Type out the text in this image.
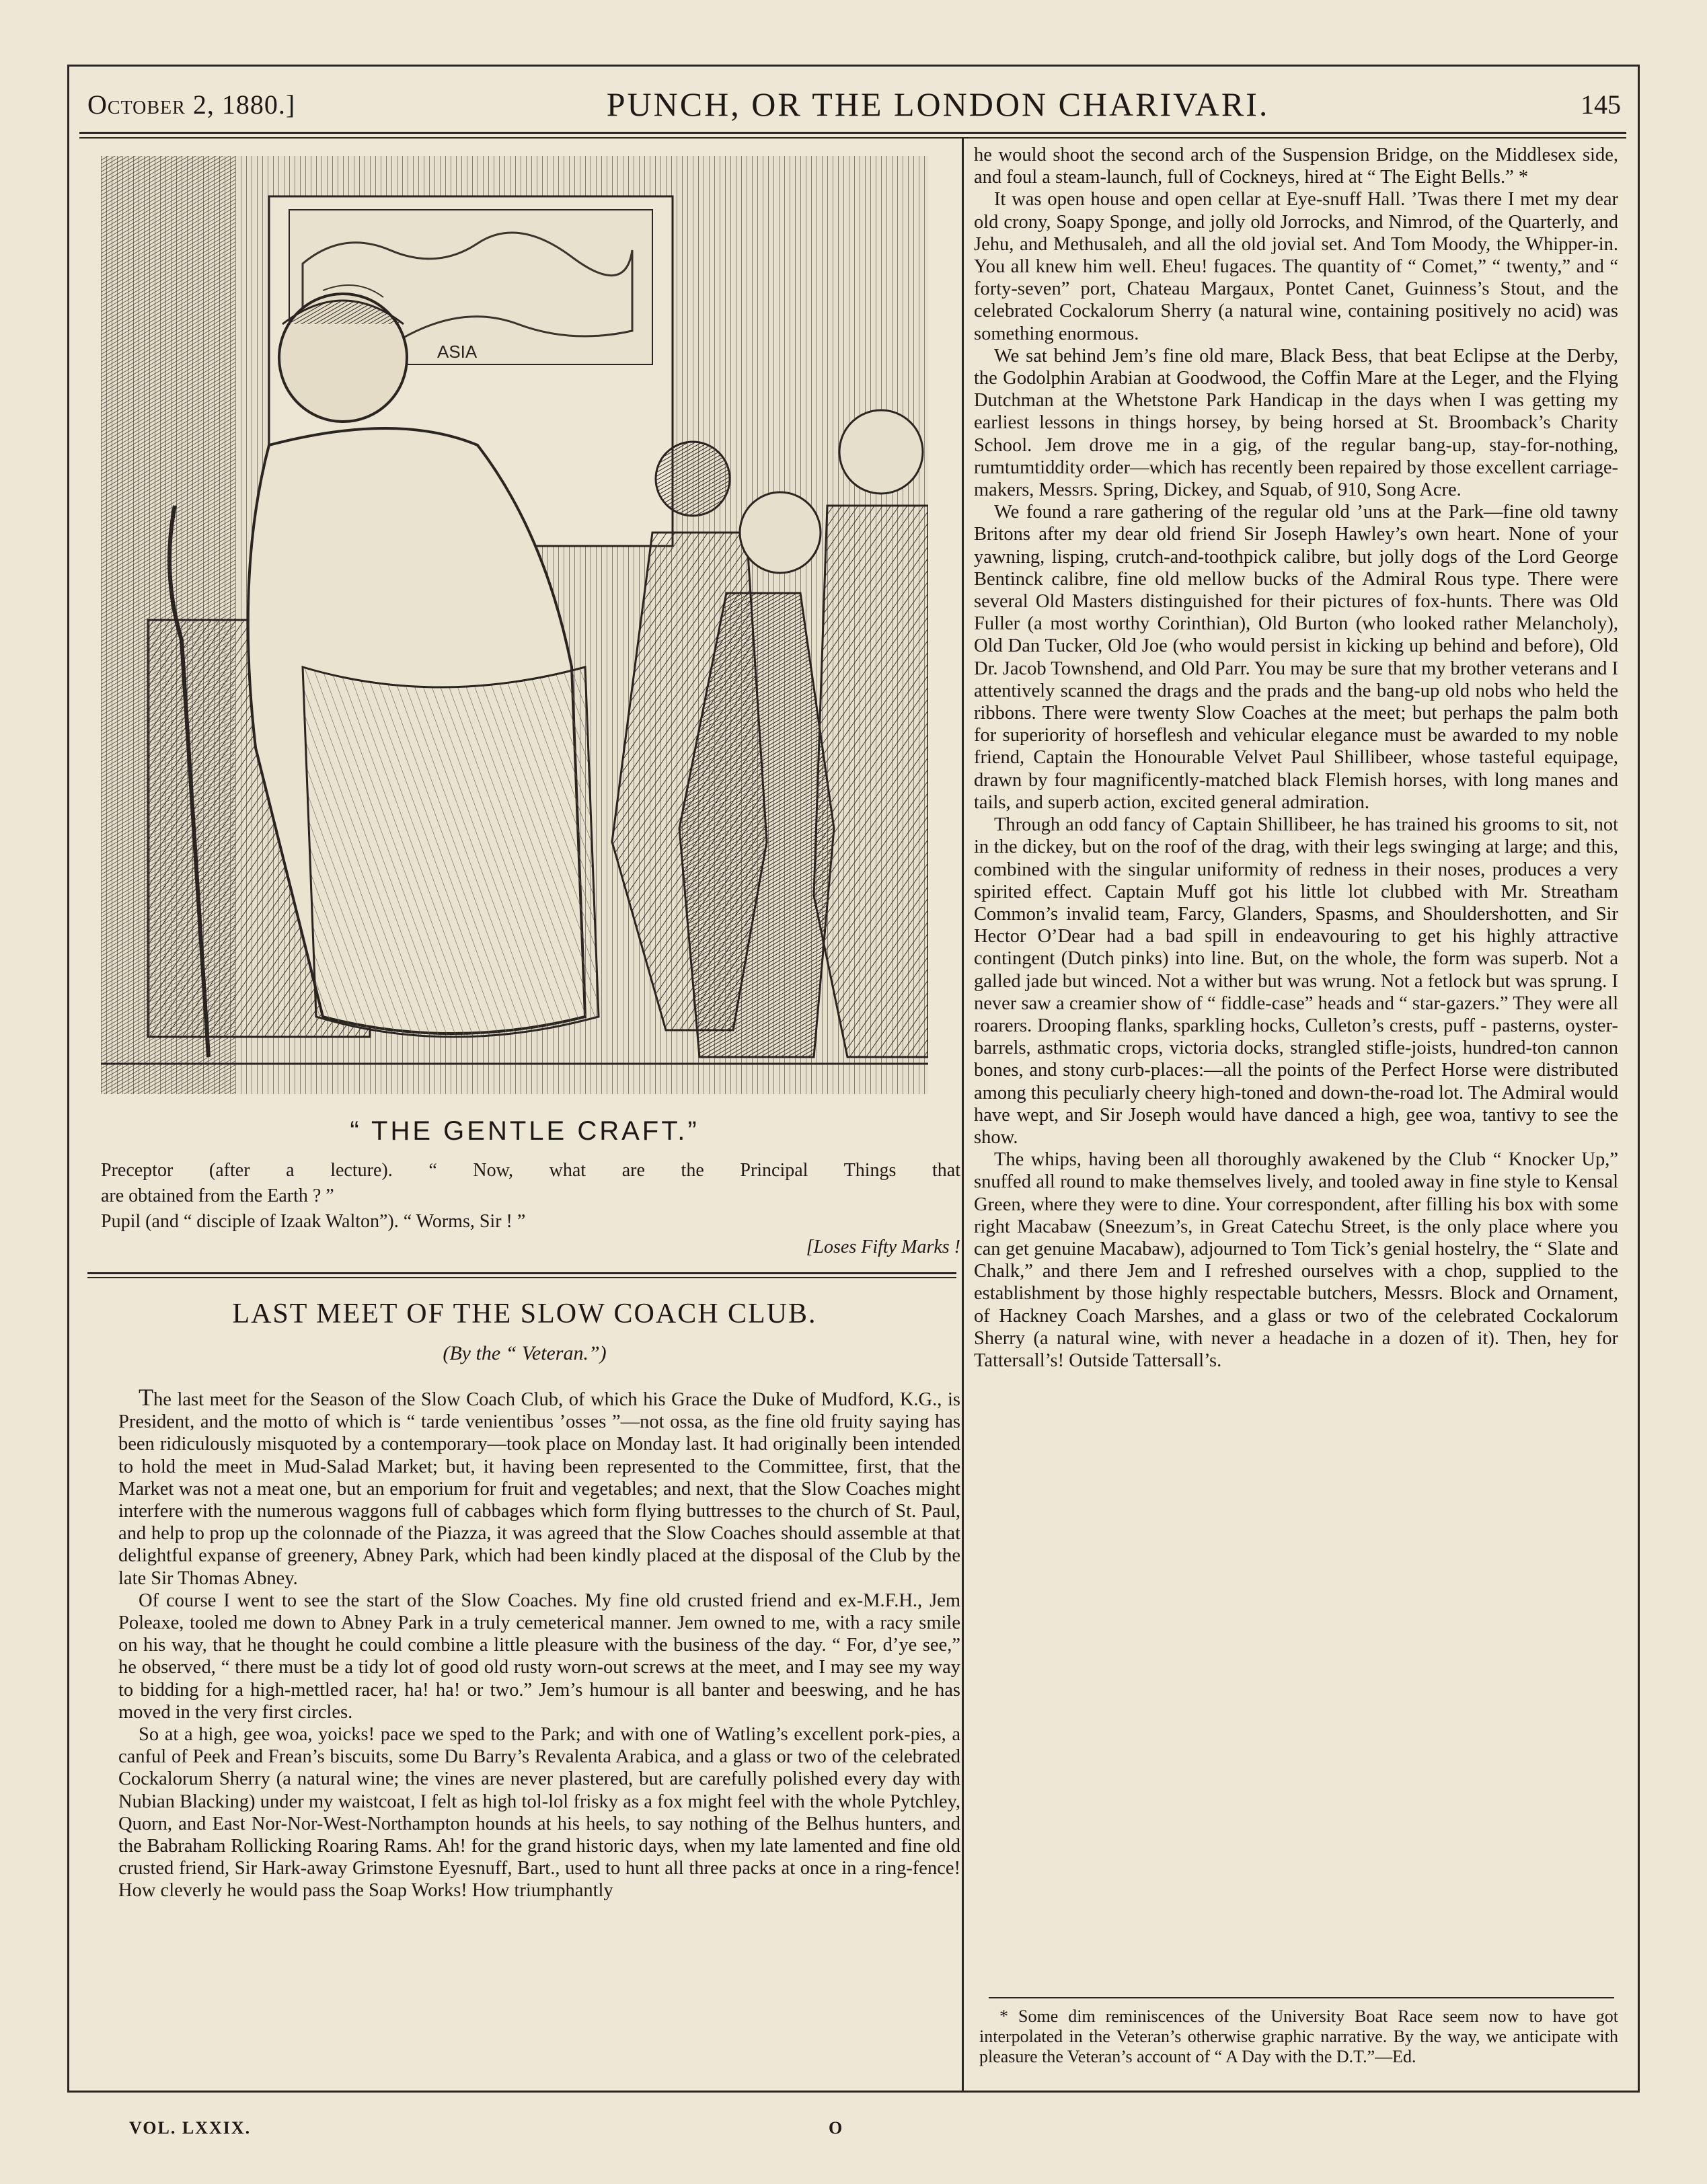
October 2, 1880.]	PUNCH, OR THE LONDON CHARIVARI.	145
ASIA
“ THE GENTLE CRAFT.”
Preceptor (after a lecture). “ Now, what are the Principal Things that
are obtained from the Earth ? ”
Pupil (and “ disciple of Izaak Walton”). “ Worms, Sir ! ”
[Loses Fifty Marks !
LAST MEET OF THE SLOW COACH CLUB.
(By the “ Veteran.”)

The last meet for the Season of the Slow Coach Club, of which his Grace the Duke of Mudford, K.G., is President, and the motto of which is “ tarde venientibus ’osses ”—not ossa, as the fine old fruity saying has been ridiculously misquoted by a contemporary—took place on Monday last. It had originally been intended to hold the meet in Mud-Salad Market; but, it having been represented to the Committee, first, that the Market was not a meat one, but an emporium for fruit and vegetables; and next, that the Slow Coaches might interfere with the numerous waggons full of cabbages which form flying buttresses to the church of St. Paul, and help to prop up the colonnade of the Piazza, it was agreed that the Slow Coaches should assemble at that delightful expanse of greenery, Abney Park, which had been kindly placed at the disposal of the Club by the late Sir Thomas Abney.

Of course I went to see the start of the Slow Coaches. My fine old crusted friend and ex-M.F.H., Jem Poleaxe, tooled me down to Abney Park in a truly cemeterical manner. Jem owned to me, with a racy smile on his way, that he thought he could combine a little pleasure with the business of the day. “ For, d’ye see,” he observed, “ there must be a tidy lot of good old rusty worn-out screws at the meet, and I may see my way to bidding for a high-mettled racer, ha! ha! or two.” Jem’s humour is all banter and beeswing, and he has moved in the very first circles.

So at a high, gee woa, yoicks! pace we sped to the Park; and with one of Watling’s excellent pork-pies, a canful of Peek and Frean’s biscuits, some Du Barry’s Revalenta Arabica, and a glass or two of the celebrated Cockalorum Sherry (a natural wine; the vines are never plastered, but are carefully polished every day with Nubian Blacking) under my waistcoat, I felt as high tol-lol frisky as a fox might feel with the whole Pytchley, Quorn, and East Nor-Nor-West-Northampton hounds at his heels, to say nothing of the Belhus hunters, and the Babraham Rollicking Roaring Rams. Ah! for the grand historic days, when my late lamented and fine old crusted friend, Sir Hark-away Grimstone Eyesnuff, Bart., used to hunt all three packs at once in a ring-fence! How cleverly he would pass the Soap Works! How triumphantly

he would shoot the second arch of the Suspension Bridge, on the Middlesex side, and foul a steam-launch, full of Cockneys, hired at “ The Eight Bells.” *

It was open house and open cellar at Eye-snuff Hall. ’Twas there I met my dear old crony, Soapy Sponge, and jolly old Jorrocks, and Nimrod, of the Quarterly, and Jehu, and Methusaleh, and all the old jovial set. And Tom Moody, the Whipper-in. You all knew him well. Eheu! fugaces. The quantity of “ Comet,” “ twenty,” and “ forty-seven” port, Chateau Margaux, Pontet Canet, Guinness’s Stout, and the celebrated Cockalorum Sherry (a natural wine, containing positively no acid) was something enormous.

We sat behind Jem’s fine old mare, Black Bess, that beat Eclipse at the Derby, the Godolphin Arabian at Goodwood, the Coffin Mare at the Leger, and the Flying Dutchman at the Whetstone Park Handicap in the days when I was getting my earliest lessons in things horsey, by being horsed at St. Broomback’s Charity School. Jem drove me in a gig, of the regular bang-up, stay-for-nothing, rumtumtiddity order—which has recently been repaired by those excellent carriage-makers, Messrs. Spring, Dickey, and Squab, of 910, Song Acre.

We found a rare gathering of the regular old ’uns at the Park—fine old tawny Britons after my dear old friend Sir Joseph Hawley’s own heart. None of your yawning, lisping, crutch-and-toothpick calibre, but jolly dogs of the Lord George Bentinck calibre, fine old mellow bucks of the Admiral Rous type. There were several Old Masters distinguished for their pictures of fox-hunts. There was Old Fuller (a most worthy Corinthian), Old Burton (who looked rather Melancholy), Old Dan Tucker, Old Joe (who would persist in kicking up behind and before), Old Dr. Jacob Townshend, and Old Parr. You may be sure that my brother veterans and I attentively scanned the drags and the prads and the bang-up old nobs who held the ribbons. There were twenty Slow Coaches at the meet; but perhaps the palm both for superiority of horseflesh and vehicular elegance must be awarded to my noble friend, Captain the Honourable Velvet Paul Shillibeer, whose tasteful equipage, drawn by four magnificently-matched black Flemish horses, with long manes and tails, and superb action, excited general admiration.

Through an odd fancy of Captain Shillibeer, he has trained his grooms to sit, not in the dickey, but on the roof of the drag, with their legs swinging at large; and this, combined with the singular uniformity of redness in their noses, produces a very spirited effect. Captain Muff got his little lot clubbed with Mr. Streatham Common’s invalid team, Farcy, Glanders, Spasms, and Shouldershotten, and Sir Hector O’Dear had a bad spill in endeavouring to get his highly attractive contingent (Dutch pinks) into line. But, on the whole, the form was superb. Not a galled jade but winced. Not a wither but was wrung. Not a fetlock but was sprung. I never saw a creamier show of “ fiddle-case” heads and “ star-gazers.” They were all roarers. Drooping flanks, sparkling hocks, Culleton’s crests, puff - pasterns, oyster-barrels, asthmatic crops, victoria docks, strangled stifle-joists, hundred-ton cannon bones, and stony curb-places:—all the points of the Perfect Horse were distributed among this peculiarly cheery high-toned and down-the-road lot. The Admiral would have wept, and Sir Joseph would have danced a high, gee woa, tantivy to see the show.

The whips, having been all thoroughly awakened by the Club “ Knocker Up,” snuffed all round to make themselves lively, and tooled away in fine style to Kensal Green, where they were to dine. Your correspondent, after filling his box with some right Macabaw (Sneezum’s, in Great Catechu Street, is the only place where you can get genuine Macabaw), adjourned to Tom Tick’s genial hostelry, the “ Slate and Chalk,” and there Jem and I refreshed ourselves with a chop, supplied to the establishment by those highly respectable butchers, Messrs. Block and Ornament, of Hackney Coach Marshes, and a glass or two of the celebrated Cockalorum Sherry (a natural wine, with never a headache in a dozen of it). Then, hey for Tattersall’s! Outside Tattersall’s.

* Some dim reminiscences of the University Boat Race seem now to have got interpolated in the Veteran’s otherwise graphic narrative. By the way, we anticipate with pleasure the Veteran’s account of “ A Day with the D.T.”—Ed.

VOL. LXXIX.	O
